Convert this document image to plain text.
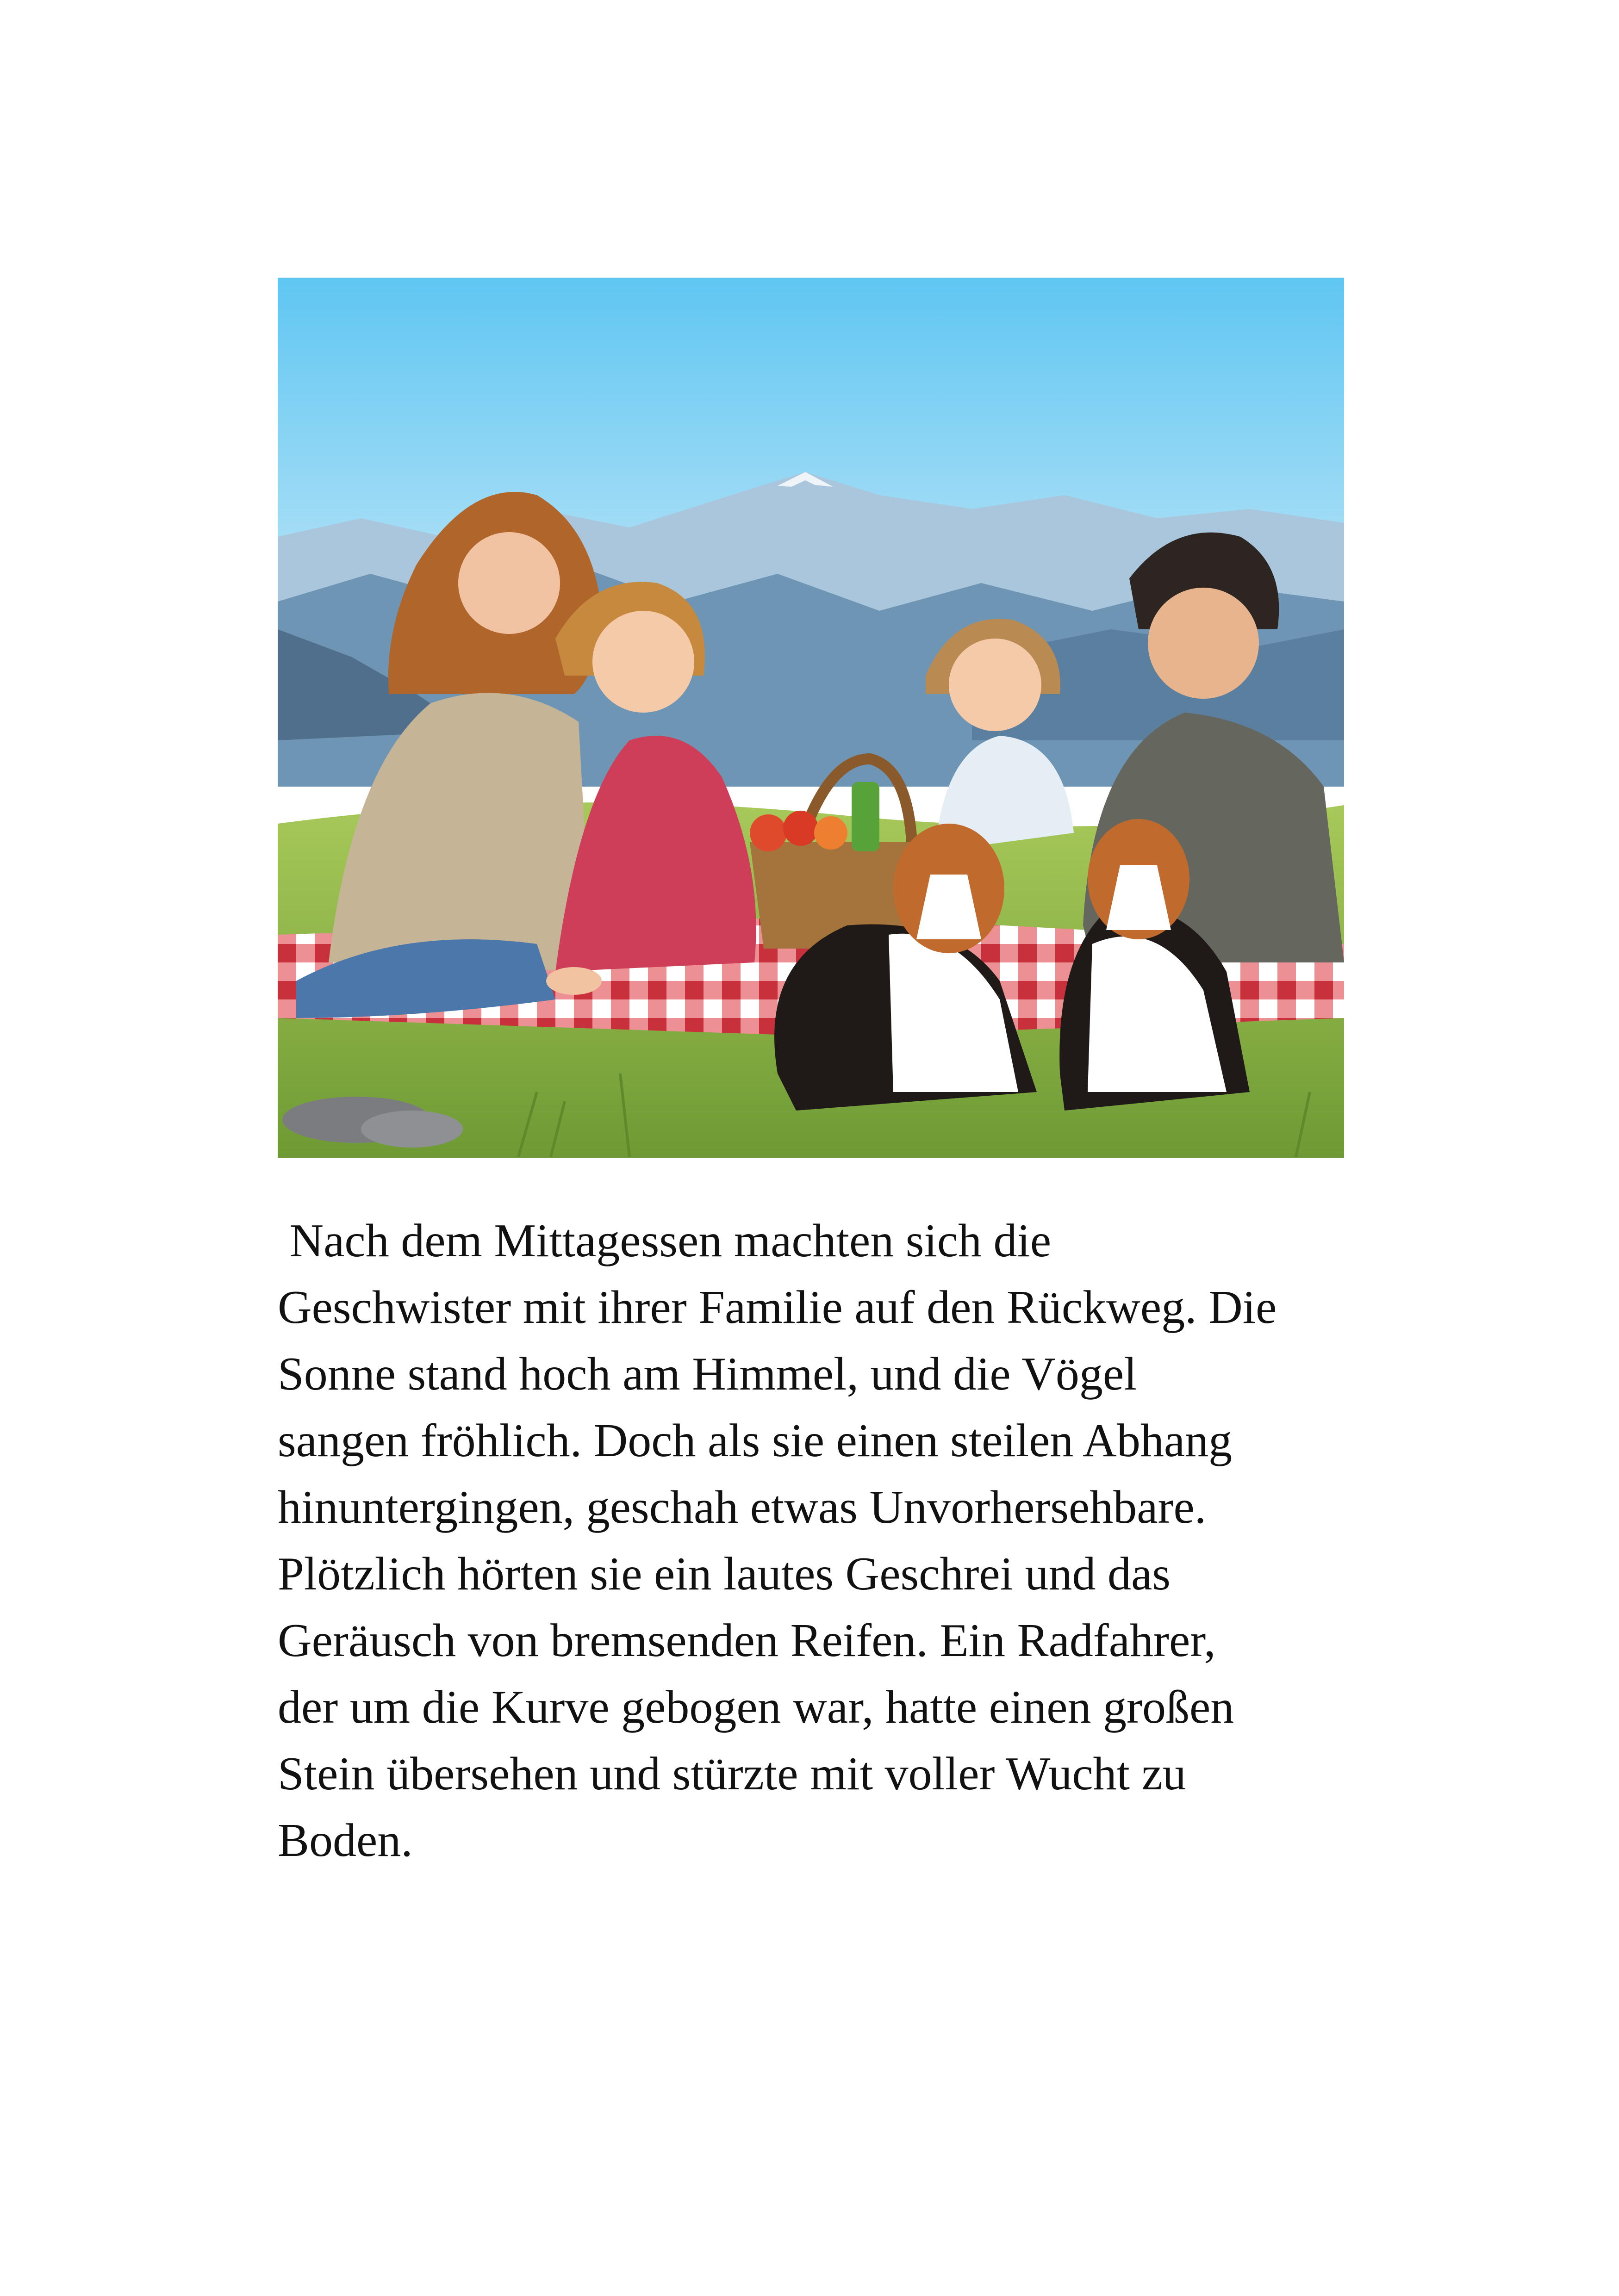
Nach dem Mittagessen machten sich die
Geschwister mit ihrer Familie auf den Rückweg. Die
Sonne stand hoch am Himmel, und die Vögel
sangen fröhlich. Doch als sie einen steilen Abhang
hinuntergingen, geschah etwas Unvorhersehbare.
Plötzlich hörten sie ein lautes Geschrei und das
Geräusch von bremsenden Reifen. Ein Radfahrer,
der um die Kurve gebogen war, hatte einen großen
Stein übersehen und stürzte mit voller Wucht zu
Boden.
